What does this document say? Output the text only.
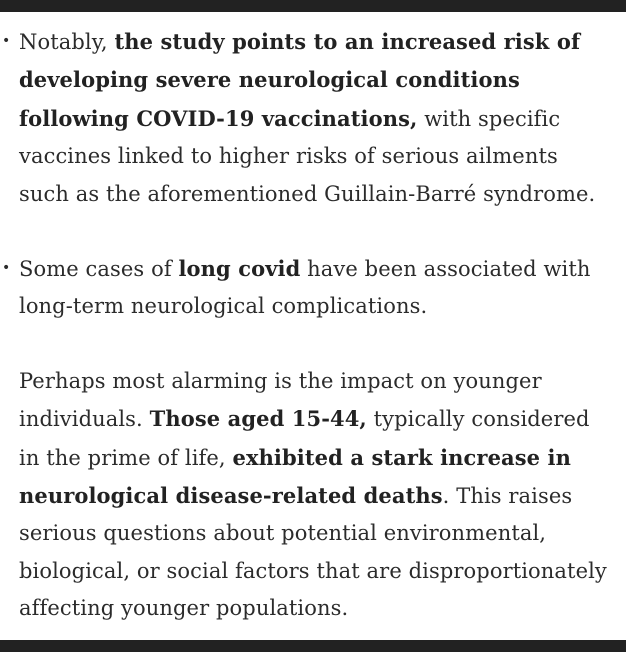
• Notably, the study points to an increased risk of developing severe neurological conditions following COVID-19 vaccinations, with specific vaccines linked to higher risks of serious ailments such as the aforementioned Guillain-Barré syndrome.
• Some cases of long covid have been associated with long-term neurological complications.

Perhaps most alarming is the impact on younger individuals. Those aged 15-44, typically considered in the prime of life, exhibited a stark increase in neurological disease-related deaths. This raises serious questions about potential environmental, biological, or social factors that are disproportionately affecting younger populations.
